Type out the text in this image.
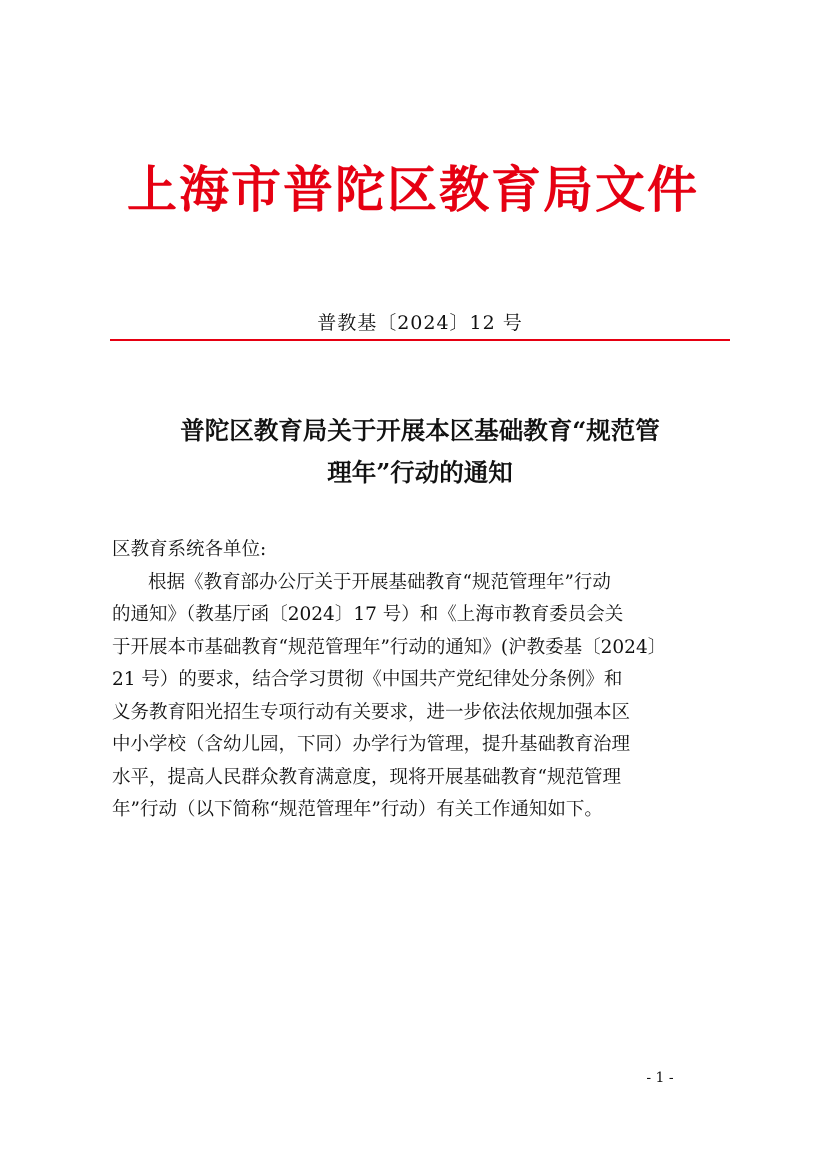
上海市普陀区教育局文件
普教基〔2024〕12 号
普陀区教育局关于开展本区基础教育“规范管
理年”行动的通知
区教育系统各单位:
根据《教育部办公厅关于开展基础教育“规范管理年”行动
的通知》（教基厅函〔2024〕17 号）和《上海市教育委员会关
于开展本市基础教育“规范管理年”行动的通知》(沪教委基〔2024〕
21 号）的要求，结合学习贯彻《中国共产党纪律处分条例》和
义务教育阳光招生专项行动有关要求，进一步依法依规加强本区
中小学校（含幼儿园，下同）办学行为管理，提升基础教育治理
水平，提高人民群众教育满意度，现将开展基础教育“规范管理
年”行动（以下简称“规范管理年”行动）有关工作通知如下。
- 1 -
